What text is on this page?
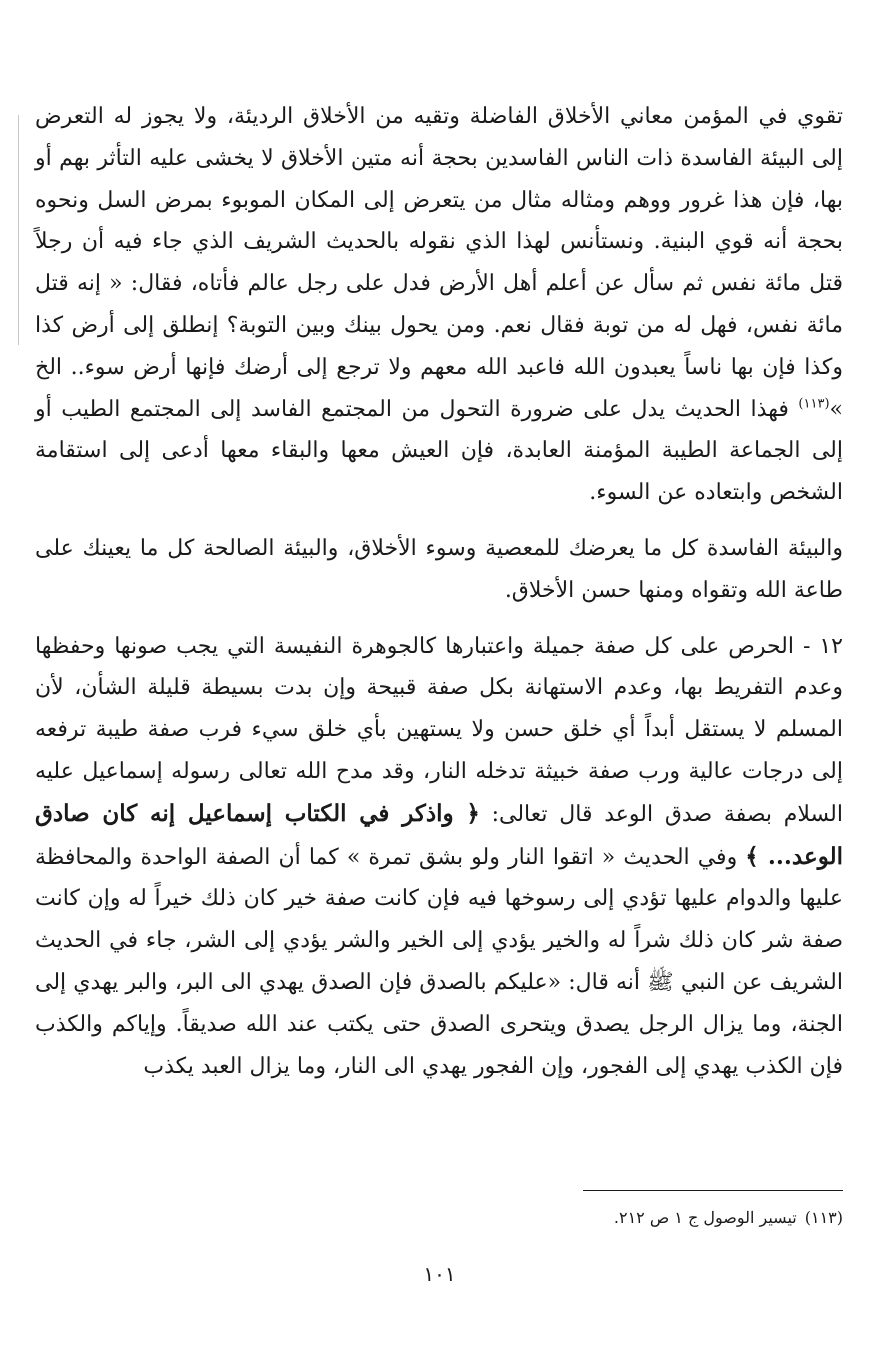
تقوي في المؤمن معاني الأخلاق الفاضلة وتقيه من الأخلاق الرديئة، ولا يجوز له التعرض إلى البيئة الفاسدة ذات الناس الفاسدين بحجة أنه متين الأخلاق لا يخشى عليه التأثر بهم أو بها، فإن هذا غرور ووهم ومثاله مثال من يتعرض إلى المكان الموبوء بمرض السل ونحوه بحجة أنه قوي البنية. ونستأنس لهذا الذي نقوله بالحديث الشريف الذي جاء فيه أن رجلاً قتل مائة نفس ثم سأل عن أعلم أهل الأرض فدل على رجل عالم فأتاه، فقال: « إنه قتل مائة نفس، فهل له من توبة فقال نعم. ومن يحول بينك وبين التوبة؟ إنطلق إلى أرض كذا وكذا فإن بها ناساً يعبدون الله فاعبد الله معهم ولا ترجع إلى أرضك فإنها أرض سوء.. الخ »$^{(١١٣)}$ فهذا الحديث يدل على ضرورة التحول من المجتمع الفاسد إلى المجتمع الطيب أو إلى الجماعة الطيبة المؤمنة العابدة، فإن العيش معها والبقاء معها أدعى إلى استقامة الشخص وابتعاده عن السوء.

والبيئة الفاسدة كل ما يعرضك للمعصية وسوء الأخلاق، والبيئة الصالحة كل ما يعينك على طاعة الله وتقواه ومنها حسن الأخلاق.

١٢ - الحرص على كل صفة جميلة واعتبارها كالجوهرة النفيسة التي يجب صونها وحفظها وعدم التفريط بها، وعدم الاستهانة بكل صفة قبيحة وإن بدت بسيطة قليلة الشأن، لأن المسلم لا يستقل أبداً أي خلق حسن ولا يستهين بأي خلق سيء فرب صفة طيبة ترفعه إلى درجات عالية ورب صفة خبيثة تدخله النار، وقد مدح الله تعالى رسوله إسماعيل عليه السلام بصفة صدق الوعد قال تعالى: ﴿ واذكر في الكتاب إسماعيل إنه كان صادق الوعد... ﴾ وفي الحديث « اتقوا النار ولو بشق تمرة » كما أن الصفة الواحدة والمحافظة عليها والدوام عليها تؤدي إلى رسوخها فيه فإن كانت صفة خير كان ذلك خيراً له وإن كانت صفة شر كان ذلك شراً له والخير يؤدي إلى الخير والشر يؤدي إلى الشر، جاء في الحديث الشريف عن النبي ﷺ أنه قال: «عليكم بالصدق فإن الصدق يهدي الى البر، والبر يهدي إلى الجنة، وما يزال الرجل يصدق ويتحرى الصدق حتى يكتب عند الله صديقاً. وإياكم والكذب فإن الكذب يهدي إلى الفجور، وإن الفجور يهدي الى النار، وما يزال العبد يكذب

(١١٣)تيسير الوصول ج ١ ص ٢١٢.
١٠١
